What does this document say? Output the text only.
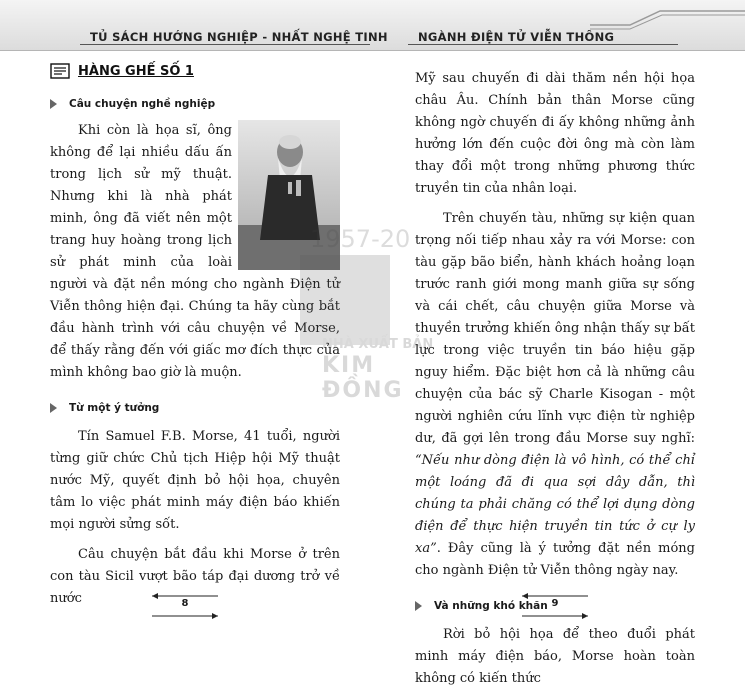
TỦ SÁCH HƯỚNG NGHIỆP - NHẤT NGHỆ TINH	NGÀNH ĐIỆN TỬ VIỄN THÔNG
HÀNG GHẾ SỐ 1
Câu chuyện nghề nghiệp

Khi còn là họa sĩ, ông không để lại nhiều dấu ấn trong lịch sử mỹ thuật. Nhưng khi là nhà phát minh, ông đã viết nên một trang huy hoàng trong lịch sử phát minh của loài người và đặt nền móng cho ngành Điện tử Viễn thông hiện đại. Chúng ta hãy cùng bắt đầu hành trình với câu chuyện về Morse, để thấy rằng đến với giấc mơ đích thực của mình không bao giờ là muộn.

Từ một ý tưởng

Tín Samuel F.B. Morse, 41 tuổi, người từng giữ chức Chủ tịch Hiệp hội Mỹ thuật nước Mỹ, quyết định bỏ hội họa, chuyên tâm lo việc phát minh máy điện báo khiến mọi người sửng sốt.

Câu chuyện bắt đầu khi Morse ở trên con tàu Sicil vượt bão táp đại dương trở về nước

Mỹ sau chuyến đi dài thăm nền hội họa châu Âu. Chính bản thân Morse cũng không ngờ chuyến đi ấy không những ảnh hưởng lớn đến cuộc đời ông mà còn làm thay đổi một trong những phương thức truyền tin của nhân loại.

Trên chuyến tàu, những sự kiện quan trọng nối tiếp nhau xảy ra với Morse: con tàu gặp bão biển, hành khách hoảng loạn trước ranh giới mong manh giữa sự sống và cái chết, câu chuyện giữa Morse và thuyền trưởng khiến ông nhận thấy sự bất lực trong việc truyền tin báo hiệu gặp nguy hiểm. Đặc biệt hơn cả là những câu chuyện của bác sỹ Charle Kisogan - một người nghiên cứu lĩnh vực điện từ nghiệp dư, đã gợi lên trong đầu Morse suy nghĩ: “Nếu như dòng điện là vô hình, có thể chỉ một loáng đã đi qua sợi dây dẫn, thì chúng ta phải chăng có thể lợi dụng dòng điện để thực hiện truyền tin tức ở cự ly xa”. Đây cũng là ý tưởng đặt nền móng cho ngành Điện tử Viễn thông ngày nay.

Và những khó khăn

Rời bỏ hội họa để theo đuổi phát minh máy điện báo, Morse hoàn toàn không có kiến thức

1957-20
NHÀ XUẤT BẢN
KIM ĐỒNG
8	9
